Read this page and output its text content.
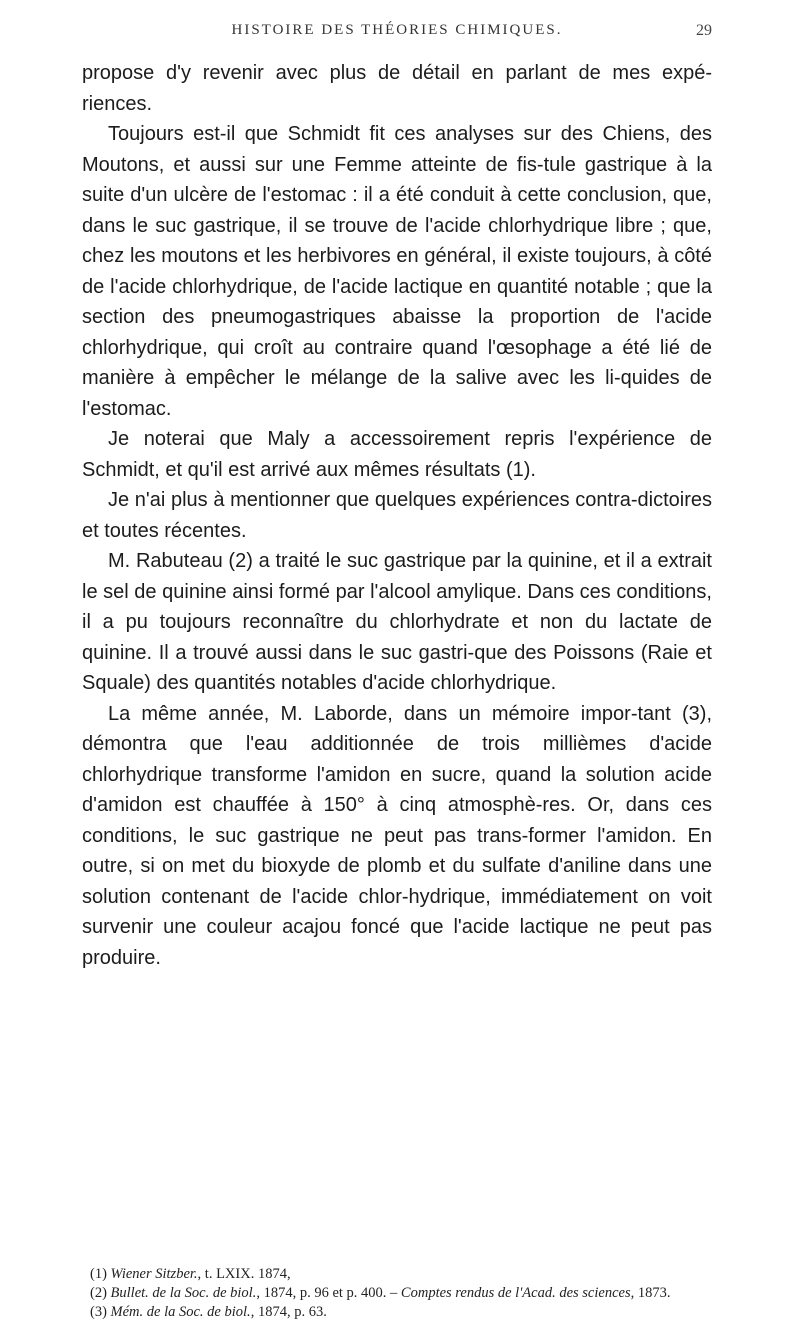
HISTOIRE DES THÉORIES CHIMIQUES.	29

propose d'y revenir avec plus de détail en parlant de mes expé-riences.

Toujours est-il que Schmidt fit ces analyses sur des Chiens, des Moutons, et aussi sur une Femme atteinte de fis-tule gastrique à la suite d'un ulcère de l'estomac : il a été conduit à cette conclusion, que, dans le suc gastrique, il se trouve de l'acide chlorhydrique libre ; que, chez les moutons et les herbivores en général, il existe toujours, à côté de l'acide chlorhydrique, de l'acide lactique en quantité notable ; que la section des pneumogastriques abaisse la proportion de l'acide chlorhydrique, qui croît au contraire quand l'œsophage a été lié de manière à empêcher le mélange de la salive avec les li-quides de l'estomac.

Je noterai que Maly a accessoirement repris l'expérience de Schmidt, et qu'il est arrivé aux mêmes résultats (1).

Je n'ai plus à mentionner que quelques expériences contra-dictoires et toutes récentes.

M. Rabuteau (2) a traité le suc gastrique par la quinine, et il a extrait le sel de quinine ainsi formé par l'alcool amylique. Dans ces conditions, il a pu toujours reconnaître du chlorhydrate et non du lactate de quinine. Il a trouvé aussi dans le suc gastri-que des Poissons (Raie et Squale) des quantités notables d'acide chlorhydrique.

La même année, M. Laborde, dans un mémoire impor-tant (3), démontra que l'eau additionnée de trois millièmes d'acide chlorhydrique transforme l'amidon en sucre, quand la solution acide d'amidon est chauffée à 150° à cinq atmosphè-res. Or, dans ces conditions, le suc gastrique ne peut pas trans-former l'amidon. En outre, si on met du bioxyde de plomb et du sulfate d'aniline dans une solution contenant de l'acide chlor-hydrique, immédiatement on voit survenir une couleur acajou foncé que l'acide lactique ne peut pas produire.

(1) Wiener Sitzber., t. LXIX. 1874,

(2) Bullet. de la Soc. de biol., 1874, p. 96 et p. 400. – Comptes rendus de l'Acad. des sciences, 1873.

(3) Mém. de la Soc. de biol., 1874, p. 63.
